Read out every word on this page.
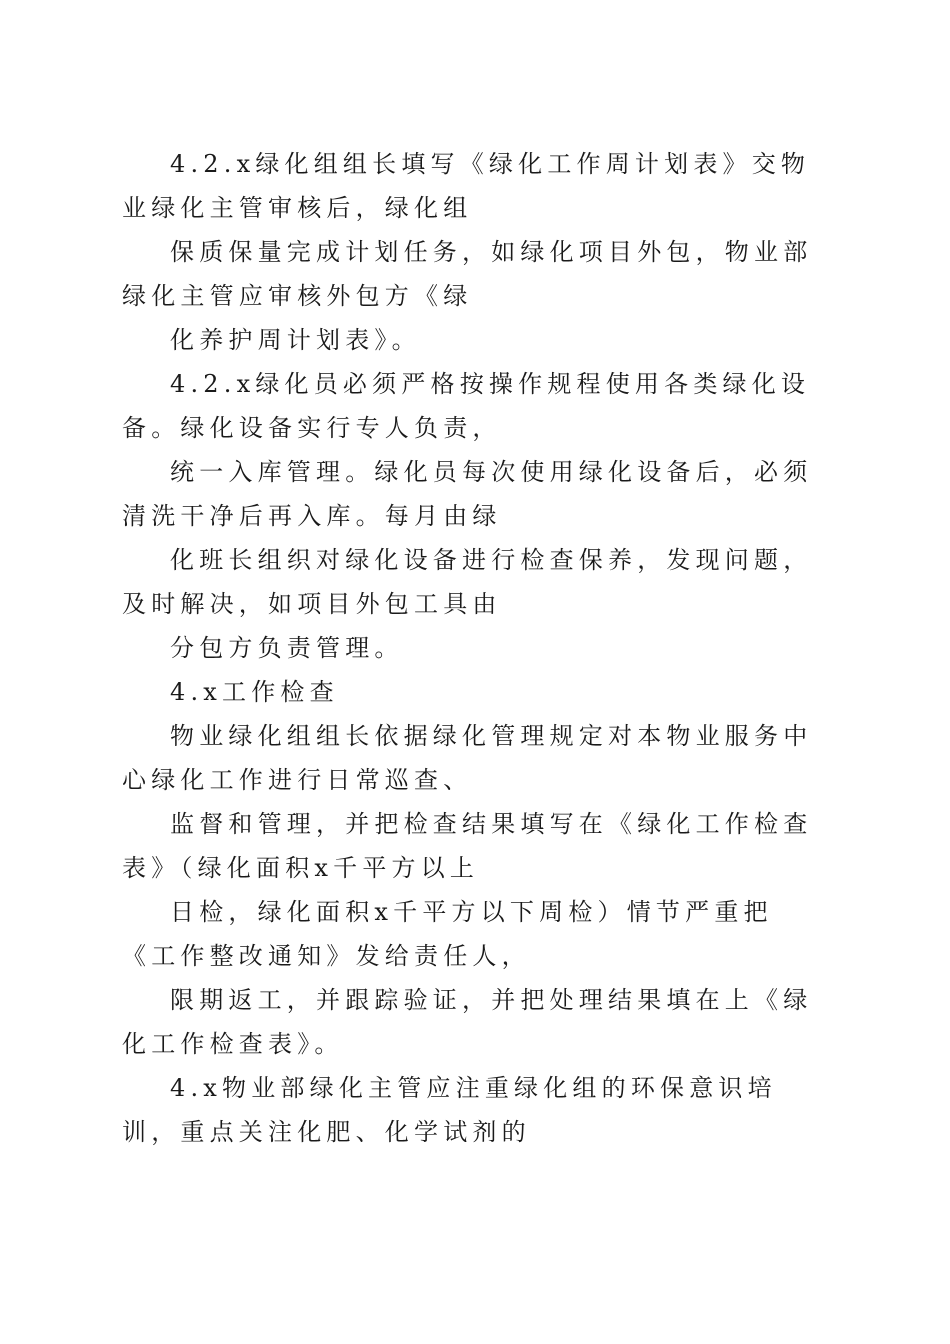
4.2.x绿化组组长填写《绿化工作周计划表》交物业绿化主管审核后，绿化组

保质保量完成计划任务，如绿化项目外包，物业部绿化主管应审核外包方《绿

化养护周计划表》。

4.2.x绿化员必须严格按操作规程使用各类绿化设备。绿化设备实行专人负责，

统一入库管理。绿化员每次使用绿化设备后，必须清洗干净后再入库。每月由绿

化班长组织对绿化设备进行检查保养，发现问题，及时解决，如项目外包工具由

分包方负责管理。

4.x工作检查

物业绿化组组长依据绿化管理规定对本物业服务中心绿化工作进行日常巡查、

监督和管理，并把检查结果填写在《绿化工作检查表》（绿化面积x千平方以上

日检，绿化面积x千平方以下周检）情节严重把《工作整改通知》发给责任人，

限期返工，并跟踪验证，并把处理结果填在上《绿化工作检查表》。

4.x物业部绿化主管应注重绿化组的环保意识培训，重点关注化肥、化学试剂的
